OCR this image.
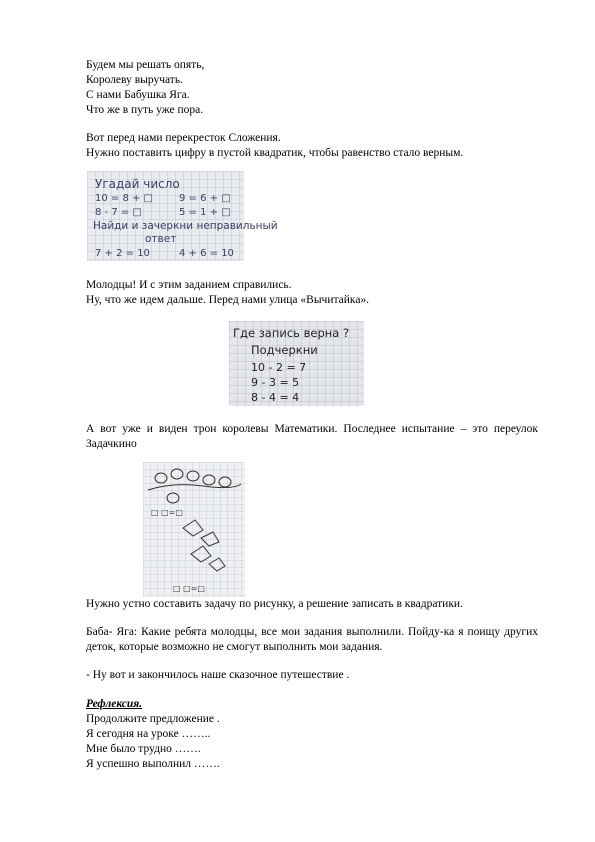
Будем мы решать опять,
Королеву выручать.
С нами Бабушка Яга.
Что же в путь уже пора.
Вот перед нами перекресток Сложения.
Нужно поставить цифру в пустой квадратик, чтобы равенство стало верным.
Угадай число
10 = 8 + □	9 = 6 + □
8 - 7 = □	5 = 1 + □
Найди и зачеркни неправильный
ответ
7 + 2 = 10	4 + 6 = 10
Молодцы! И с этим заданием справились.
Ну, что же идем дальше. Перед нами улица «Вычитайка».
Где запись верна ?
Подчеркни
10 - 2 = 7
9 - 3 = 5
8 - 4 = 4
А вот уже и виден трон королевы Математики. Последнее испытание – это переулок Задачкино
□ □=□
□ □=□
Нужно устно составить задачу по рисунку, а решение записать в квадратики.
Баба- Яга: Какие ребята молодцы, все мои задания выполнили. Пойду-ка я поищу других деток, которые возможно не смогут выполнить мои задания.
- Ну вот и закончилось наше сказочное путешествие .
Рефлексия.
Продолжите предложение .
Я сегодня на уроке ……..
Мне было трудно …….
Я успешно выполнил …….
